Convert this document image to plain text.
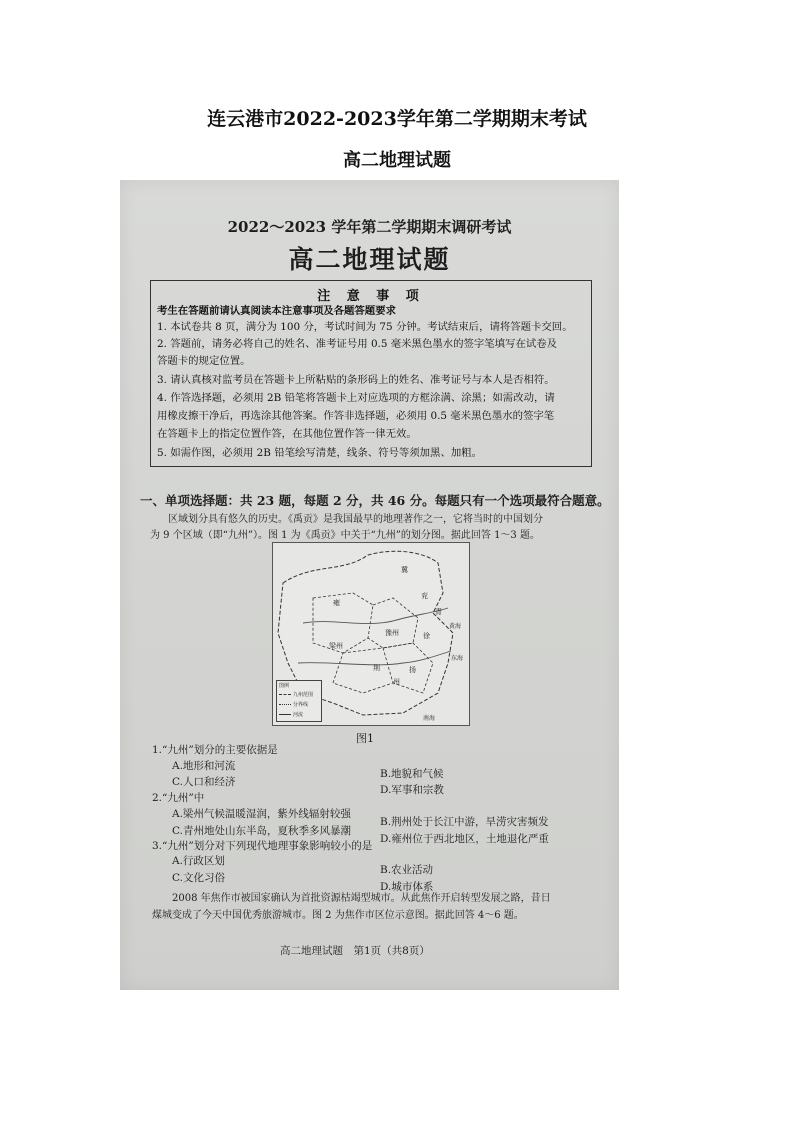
连云港市2022-2023学年第二学期期末考试
高二地理试题
2022～2023 学年第二学期期末调研考试
高二地理试题
注 意 事 项
考生在答题前请认真阅读本注意事项及各题答题要求
1. 本试卷共 8 页，满分为 100 分，考试时间为 75 分钟。考试结束后，请将答题卡交回。
2. 答题前，请务必将自己的姓名、准考证号用 0.5 毫米黑色墨水的签字笔填写在试卷及
答题卡的规定位置。
3. 请认真核对监考员在答题卡上所粘贴的条形码上的姓名、准考证号与本人是否相符。
4. 作答选择题，必须用 2B 铅笔将答题卡上对应选项的方框涂满、涂黑；如需改动，请
用橡皮擦干净后，再选涂其他答案。作答非选择题，必须用 0.5 毫米黑色墨水的签字笔
在答题卡上的指定位置作答，在其他位置作答一律无效。
5. 如需作图，必须用 2B 铅笔绘写清楚，线条、符号等须加黑、加粗。
一、单项选择题：共 23 题，每题 2 分，共 46 分。每题只有一个选项最符合题意。
区域划分具有悠久的历史。《禹贡》是我国最早的地理著作之一，它将当时的中国划分
为 9 个区域（即“九州”）。图 1 为《禹贡》中关于“九州”的划分图。据此回答 1～3 题。
冀
兖
青
豫州	徐
梁州
荆	扬
州
雍
黄海
东海
南海
图例
九州范围
分界线
河流
图1
1.“九州”划分的主要依据是
A.地形和河流
B.地貌和气候
C.人口和经济
D.军事和宗教
2.“九州”中
A.梁州气候温暖湿润，紫外线辐射较强
B.荆州处于长江中游，旱涝灾害频发
C.青州地处山东半岛，夏秋季多风暴潮
D.雍州位于西北地区，土地退化严重
3.“九州”划分对下列现代地理事象影响较小的是
A.行政区划
B.农业活动
C.文化习俗
D.城市体系
2008 年焦作市被国家确认为首批资源枯竭型城市。从此焦作开启转型发展之路，昔日
煤城变成了今天中国优秀旅游城市。图 2 为焦作市区位示意图。据此回答 4～6 题。
高二地理试题　第1页（共8页）
